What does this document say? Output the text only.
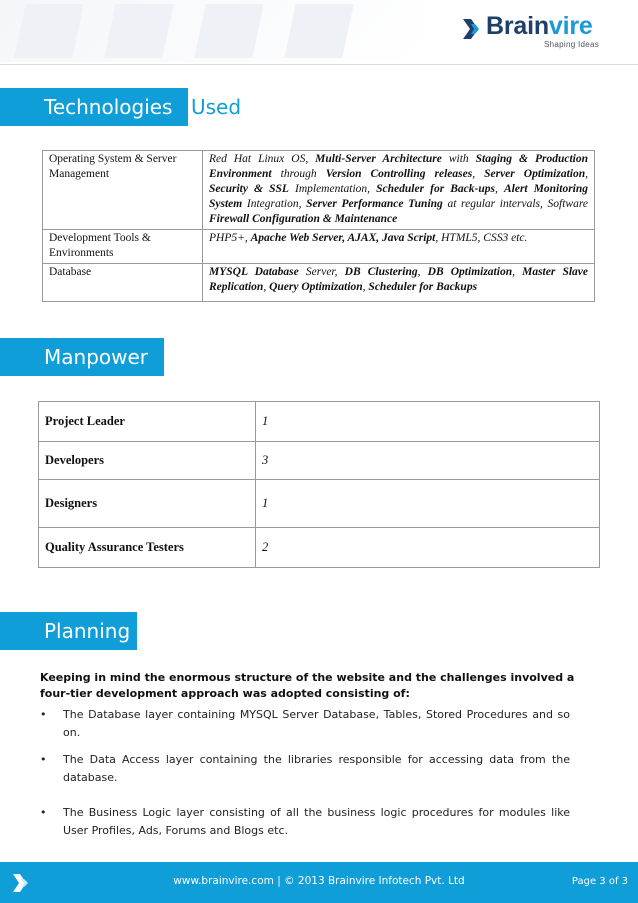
Brainvire
Shaping Ideas
Technologies Used
Operating System & Server Management	Red Hat Linux OS, Multi-Server Architecture with Staging & Production Environment through Version Controlling releases, Server Optimization, Security & SSL Implementation, Scheduler for Back-ups, Alert Monitoring System Integration, Server Performance Tuning at regular intervals, Software Firewall Configuration & Maintenance
Development Tools & Environments	PHP5+, Apache Web Server, AJAX, Java Script, HTML5, CSS3 etc.
Database	MYSQL Database Server, DB Clustering, DB Optimization, Master Slave Replication, Query Optimization, Scheduler for Backups
Manpower
Project Leader	1
Developers	3
Designers	1
Quality Assurance Testers	2
Planning
Keeping in mind the enormous structure of the website and the challenges involved a four-tier development approach was adopted consisting of:
• The Database layer containing MYSQL Server Database, Tables, Stored Procedures and so on.
• The Data Access layer containing the libraries responsible for accessing data from the database.
• The Business Logic layer consisting of all the business logic procedures for modules like User Profiles, Ads, Forums and Blogs etc.
www.brainvire.com | © 2013 Brainvire Infotech Pvt. Ltd	Page 3 of 3
